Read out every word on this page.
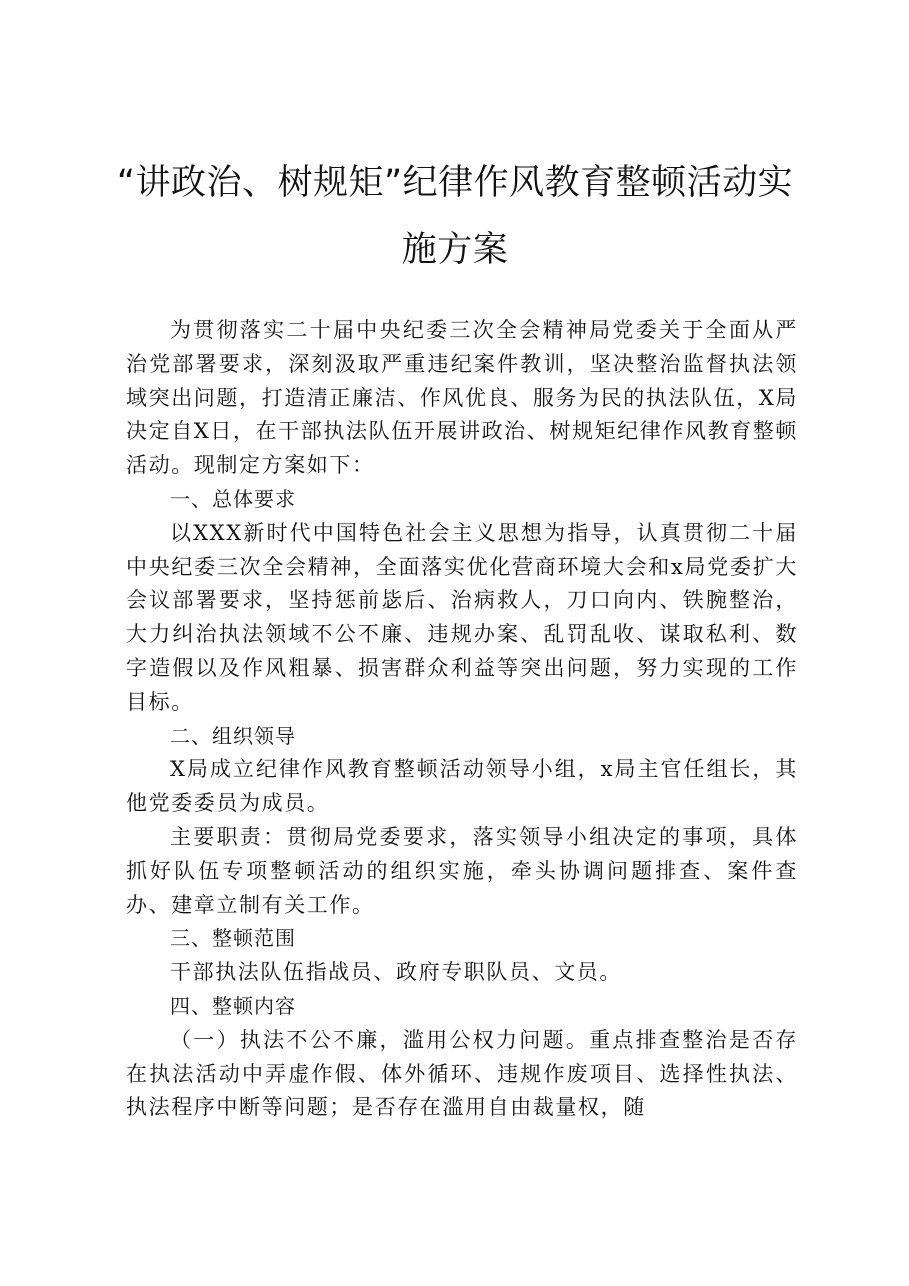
“讲政治、树规矩”纪律作风教育整顿活动实
施方案

为贯彻落实二十届中央纪委三次全会精神局党委关于全面从严治党部署要求，深刻汲取严重违纪案件教训，坚决整治监督执法领域突出问题，打造清正廉洁、作风优良、服务为民的执法队伍，X局决定自X日，在干部执法队伍开展讲政治、树规矩纪律作风教育整顿活动。现制定方案如下：

一、总体要求

以XXX新时代中国特色社会主义思想为指导，认真贯彻二十届中央纪委三次全会精神，全面落实优化营商环境大会和x局党委扩大会议部署要求，坚持惩前毖后、治病救人，刀口向内、铁腕整治，大力纠治执法领域不公不廉、违规办案、乱罚乱收、谋取私利、数字造假以及作风粗暴、损害群众利益等突出问题，努力实现的工作目标。

二、组织领导

X局成立纪律作风教育整顿活动领导小组，x局主官任组长，其他党委委员为成员。

主要职责：贯彻局党委要求，落实领导小组决定的事项，具体抓好队伍专项整顿活动的组织实施，牵头协调问题排查、案件查办、建章立制有关工作。

三、整顿范围

干部执法队伍指战员、政府专职队员、文员。

四、整顿内容

（一）执法不公不廉，滥用公权力问题。重点排查整治是否存在执法活动中弄虚作假、体外循环、违规作废项目、选择性执法、执法程序中断等问题；是否存在滥用自由裁量权，随
